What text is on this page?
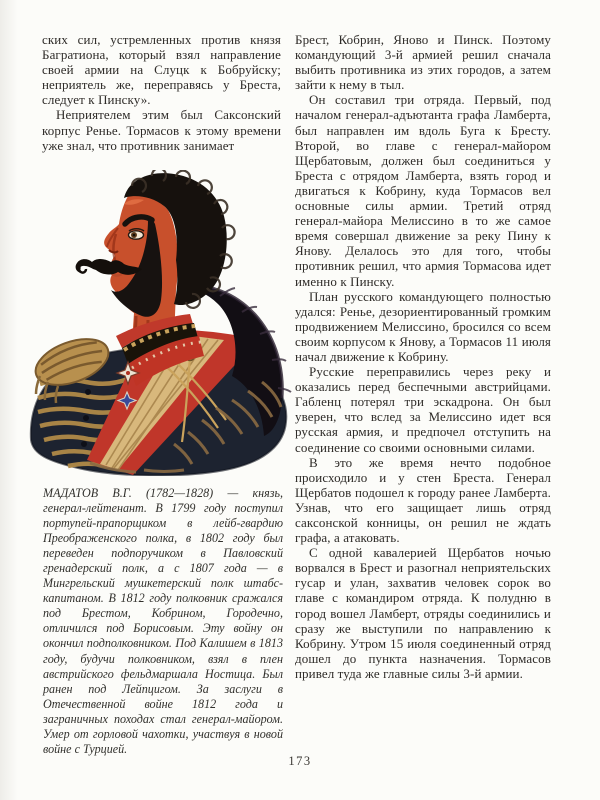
ских сил, устремленных против князя Багратиона, который взял направление своей армии на Слуцк к Бобруйску; неприятель же, переправясь у Бреста, следует к Пинску».

Неприятелем этим был Саксонский корпус Ренье. Тормасов к этому времени уже знал, что противник занимает

МАДАТОВ В.Г. (1782—1828) — князь, генерал-лейтенант. В 1799 году поступил портупей-прапорщиком в лейб-гвардию Преображенского полка, в 1802 году был переведен подпоручиком в Павловский гренадерский полк, а с 1807 года — в Мингрельский мушкетерский полк штабс-капитаном. В 1812 году полковник сражался под Брестом, Кобрином, Городечно, отличился под Борисовым. Эту войну он окончил подполковником. Под Калишем в 1813 году, будучи полковником, взял в плен австрийского фельдмаршала Ностица. Был ранен под Лейпцигом. За заслуги в Отечественной войне 1812 года и заграничных походах стал генерал-майором. Умер от горловой чахотки, участвуя в новой войне с Турцией.

Брест, Кобрин, Яново и Пинск. Поэтому командующий 3-й армией решил сначала выбить противника из этих городов, а затем зайти к нему в тыл.

Он составил три отряда. Первый, под началом генерал-адъютанта графа Ламберта, был направлен им вдоль Буга к Бресту. Второй, во главе с генерал-майором Щербатовым, должен был соединиться у Бреста с отрядом Ламберта, взять город и двигаться к Кобрину, куда Тормасов вел основные силы армии. Третий отряд генерал-майора Мелиссино в то же самое время совершал движение за реку Пину к Янову. Делалось это для того, чтобы противник решил, что армия Тормасова идет именно к Пинску.

План русского командующего полностью удался: Ренье, дезориентированный громким продвижением Мелиссино, бросился со всем своим корпусом к Янову, а Тормасов 11 июля начал движение к Кобрину.

Русские переправились через реку и оказались перед беспечными австрийцами. Габленц потерял три эскадрона. Он был уверен, что вслед за Мелиссино идет вся русская армия, и предпочел отступить на соединение со своими основными силами.

В это же время нечто подобное происходило и у стен Бреста. Генерал Щербатов подошел к городу ранее Ламберта. Узнав, что его защищает лишь отряд саксонской конницы, он решил не ждать графа, а атаковать.

С одной кавалерией Щербатов ночью ворвался в Брест и разогнал неприятельских гусар и улан, захватив человек сорок во главе с командиром отряда. К полудню в город вошел Ламберт, отряды соединились и сразу же выступили по направлению к Кобрину. Утром 15 июля соединенный отряд дошел до пункта назначения. Тормасов привел туда же главные силы 3-й армии.

173
